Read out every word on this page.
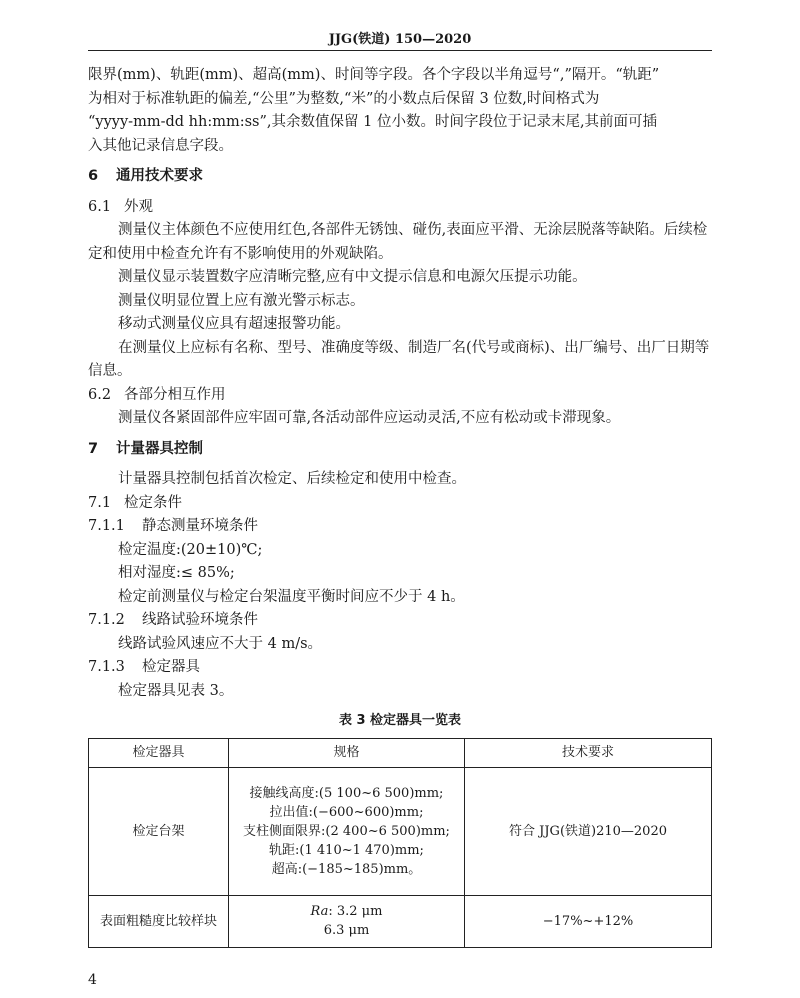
JJG(铁道) 150—2020

限界(mm)、轨距(mm)、超高(mm)、时间等字段。各个字段以半角逗号“,”隔开。“轨距”

为相对于标准轨距的偏差,“公里”为整数,“米”的小数点后保留 3 位数,时间格式为

“yyyy-mm-dd hh:mm:ss”,其余数值保留 1 位小数。时间字段位于记录末尾,其前面可插

入其他记录信息字段。

6 通用技术要求

6.1 外观

测量仪主体颜色不应使用红色,各部件无锈蚀、碰伤,表面应平滑、无涂层脱落等缺陷。后续检定和使用中检查允许有不影响使用的外观缺陷。

测量仪显示装置数字应清晰完整,应有中文提示信息和电源欠压提示功能。

测量仪明显位置上应有激光警示标志。

移动式测量仪应具有超速报警功能。

在测量仪上应标有名称、型号、准确度等级、制造厂名(代号或商标)、出厂编号、出厂日期等信息。

6.2 各部分相互作用

测量仪各紧固部件应牢固可靠,各活动部件应运动灵活,不应有松动或卡滞现象。

7 计量器具控制

计量器具控制包括首次检定、后续检定和使用中检查。

7.1 检定条件

7.1.1 静态测量环境条件

检定温度:(20±10)℃;

相对湿度:≤ 85%;

检定前测量仪与检定台架温度平衡时间应不少于 4 h。

7.1.2 线路试验环境条件

线路试验风速应不大于 4 m/s。

7.1.3 检定器具

检定器具见表 3。

表 3 检定器具一览表
检定器具	规格	技术要求
检定台架	接触线高度:(5 100~6 500)mm;
拉出值:(−600~600)mm;
支柱侧面限界:(2 400~6 500)mm;
轨距:(1 410~1 470)mm;
超高:(−185~185)mm。	符合 JJG(铁道)210—2020
表面粗糙度比较样块	Ra: 3.2 μm
6.3 μm	−17%~+12%
4
